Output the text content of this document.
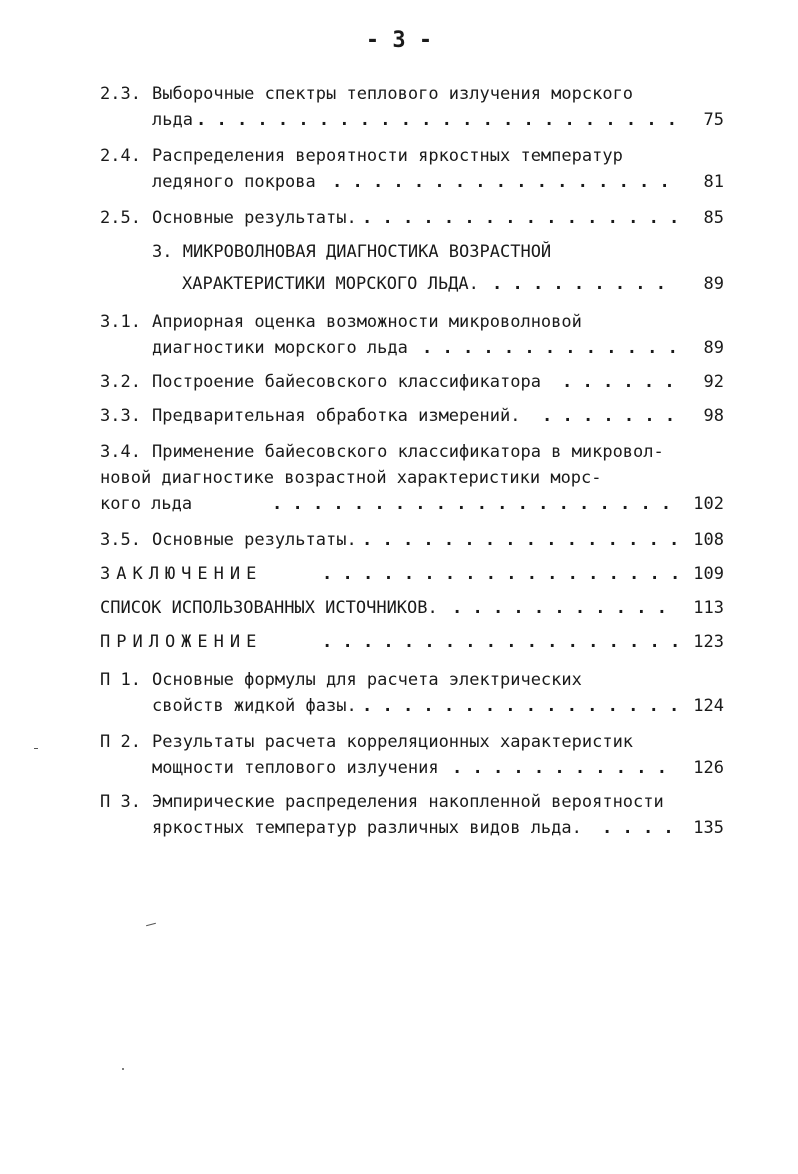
- 3 -
2.3. Выборочные спектры теплового излучения морского
льда . . .	75
2.4. Распределения вероятности яркостных температур
ледяного покрова . . .	81
2.5. Основные результаты. . . .	85
3. МИКРОВОЛНОВАЯ ДИАГНОСТИКА ВОЗРАСТНОЙ
ХАРАКТЕРИСТИКИ МОРСКОГО ЛЬДА. . . .	89
3.1. Априорная оценка возможности микроволновой
диагностики морского льда . . .	89
3.2. Построение байесовского классификатора . . .	92
3.3. Предварительная обработка измерений. . . .	98
3.4. Применение байесовского классификатора в микровол-
новой диагностике возрастной характеристики морс-
кого льда . . .	102
3.5. Основные результаты. . . .	108
ЗАКЛЮЧЕНИЕ . . .	109
СПИСОК ИСПОЛЬЗОВАННЫХ ИСТОЧНИКОВ. . . .	113
ПРИЛОЖЕНИЕ . . .	123
П 1. Основные формулы для расчета электрических
свойств жидкой фазы. . . .	124
П 2. Результаты расчета корреляционных характеристик
мощности теплового излучения . . .	126
П 3. Эмпирические распределения накопленной вероятности
яркостных температур различных видов льда. . . .	135
